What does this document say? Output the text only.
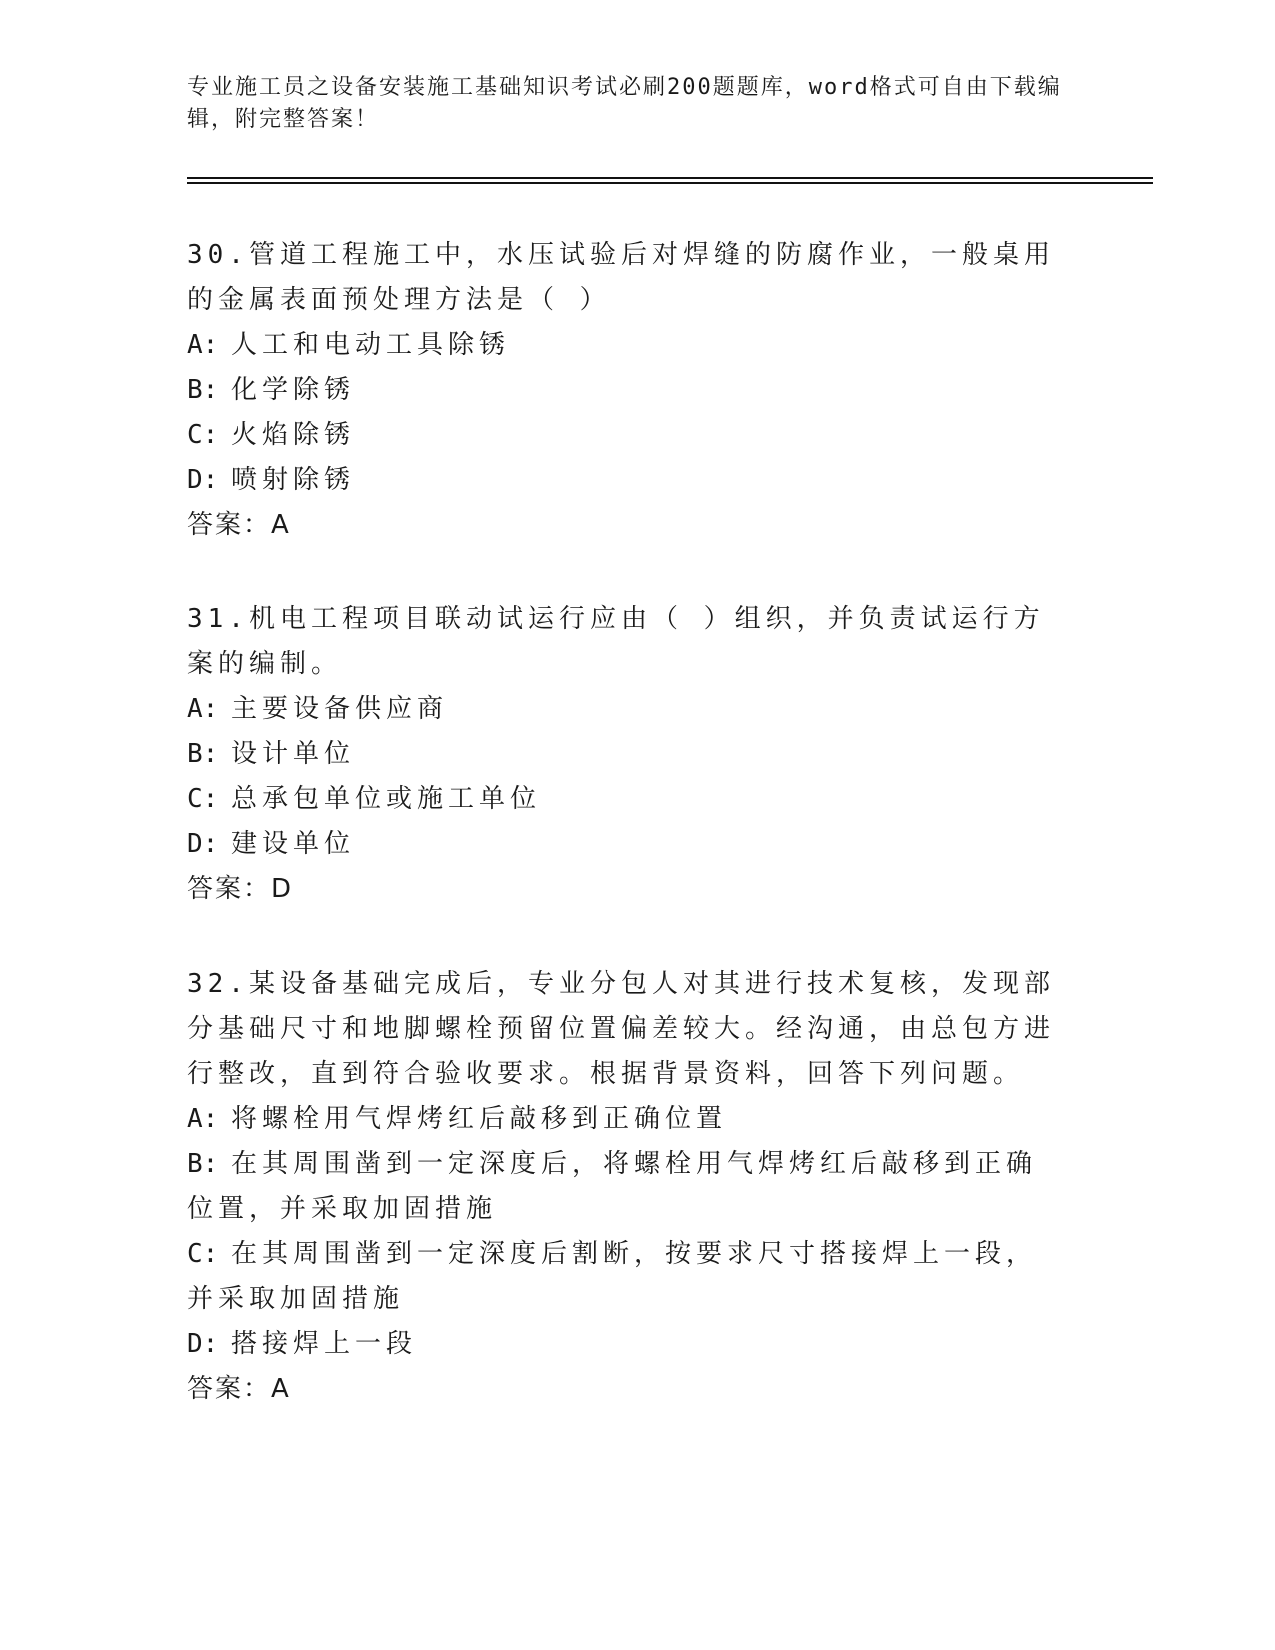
专业施工员之设备安装施工基础知识考试必刷200题题库，word格式可自由下载编辑，附完整答案！

30.管道工程施工中，水压试验后对焊缝的防腐作业，一般桌用的金属表面预处理方法是（ ）

A: 人工和电动工具除锈

B: 化学除锈

C: 火焰除锈

D: 喷射除锈

答案：A

31.机电工程项目联动试运行应由（ ）组织，并负责试运行方案的编制。

A: 主要设备供应商

B: 设计单位

C: 总承包单位或施工单位

D: 建设单位

答案：D

32.某设备基础完成后，专业分包人对其进行技术复核，发现部分基础尺寸和地脚螺栓预留位置偏差较大。经沟通，由总包方进行整改，直到符合验收要求。根据背景资料，回答下列问题。

A: 将螺栓用气焊烤红后敲移到正确位置

B: 在其周围凿到一定深度后，将螺栓用气焊烤红后敲移到正确位置，并采取加固措施

C: 在其周围凿到一定深度后割断，按要求尺寸搭接焊上一段，并采取加固措施

D: 搭接焊上一段

答案：A
